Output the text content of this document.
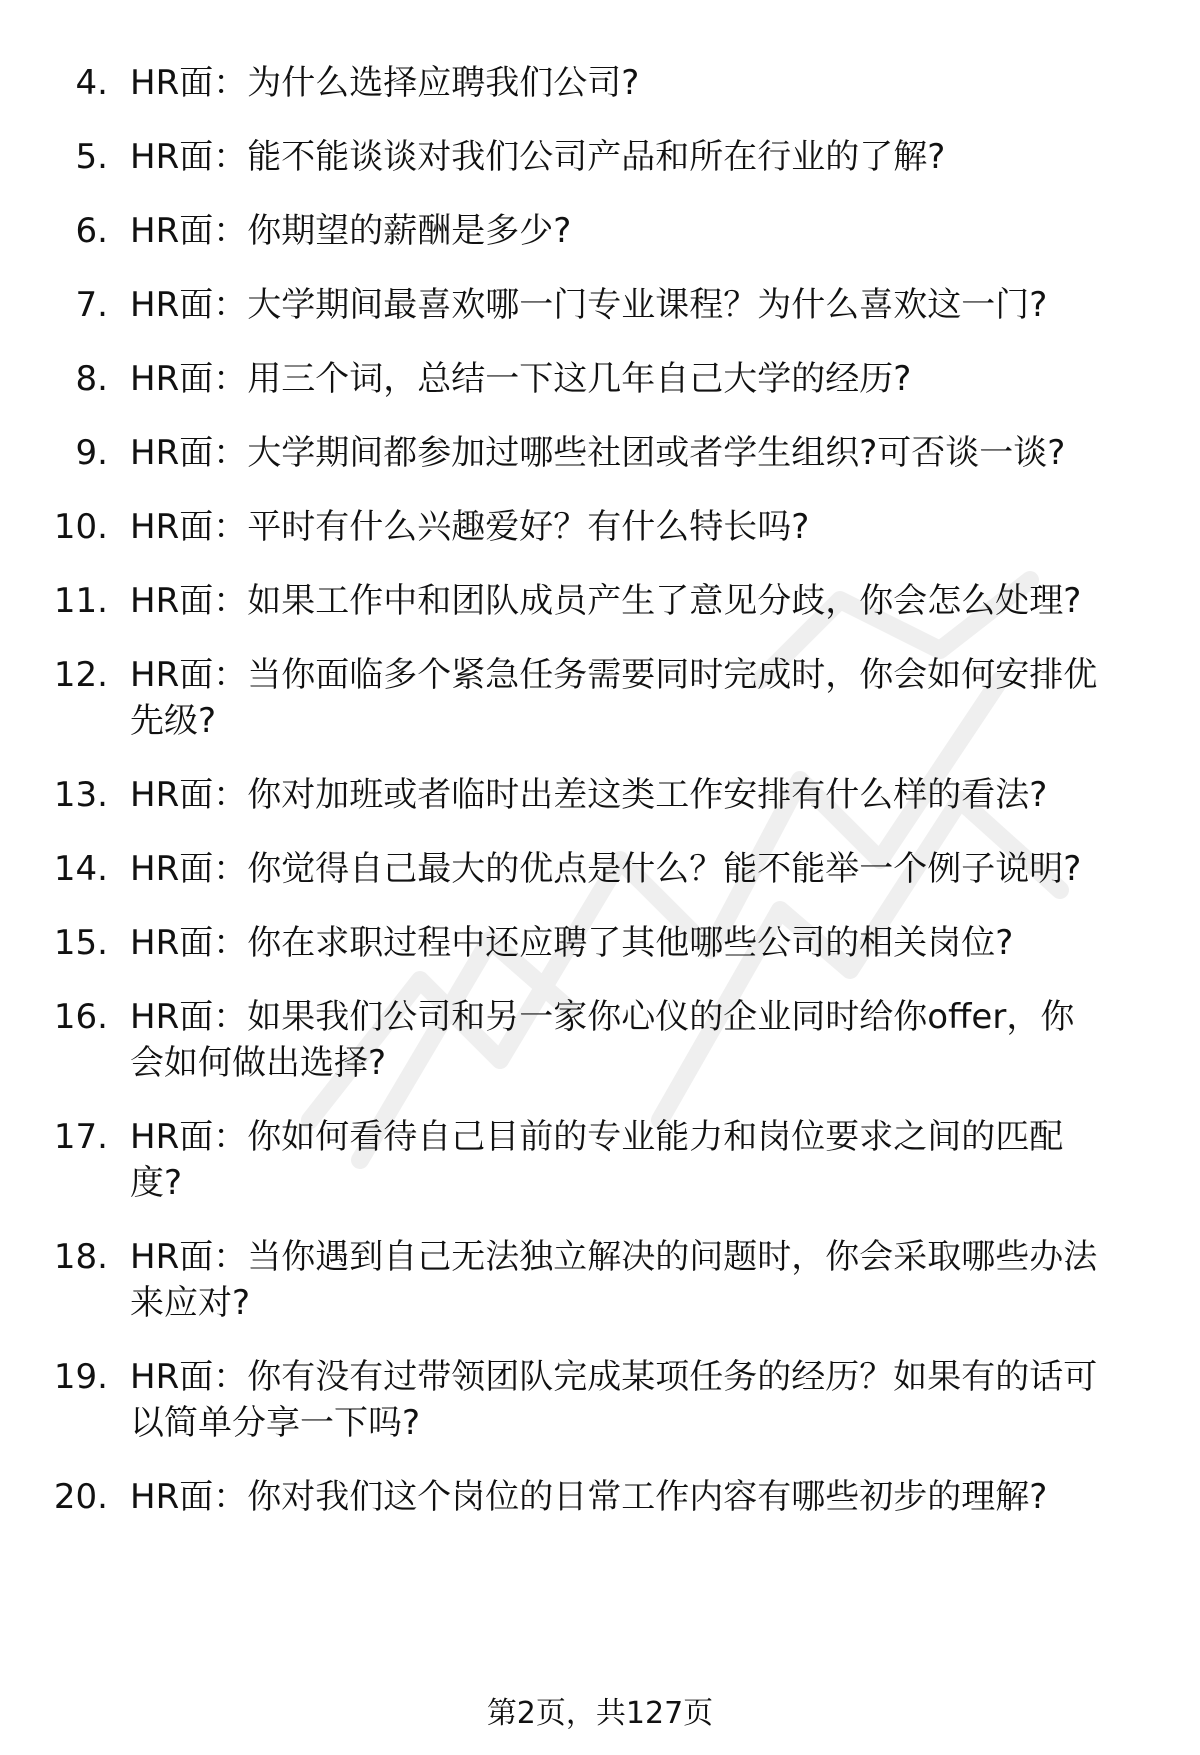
4. HR面： 为什么选择应聘我们公司?
5. HR面： 能不能谈谈对我们公司产品和所在行业的了解?
6. HR面： 你期望的薪酬是多少?
7. HR面： 大学期间最喜欢哪一门专业课程？为什么喜欢这一门?
8. HR面： 用三个词，总结一下这几年自己大学的经历?
9. HR面： 大学期间都参加过哪些社团或者学生组织?可否谈一谈?
10. HR面： 平时有什么兴趣爱好？有什么特长吗?
11. HR面： 如果工作中和团队成员产生了意见分歧，你会怎么处理?
12. HR面：当你面临多个紧急任务需要同时完成时，你会如何安排优
先级?
13. HR面： 你对加班或者临时出差这类工作安排有什么样的看法?
14. HR面： 你觉得自己最大的优点是什么？能不能举一个例子说明?
15. HR面： 你在求职过程中还应聘了其他哪些公司的相关岗位?
16. HR面：如果我们公司和另一家你心仪的企业同时给你offer，你
会如何做出选择?
17. HR面：你如何看待自己目前的专业能力和岗位要求之间的匹配
度?
18. HR面：当你遇到自己无法独立解决的问题时，你会采取哪些办法
来应对?
19. HR面：你有没有过带领团队完成某项任务的经历？如果有的话可
以简单分享一下吗?
20. HR面： 你对我们这个岗位的日常工作内容有哪些初步的理解?
第2页，共127页
